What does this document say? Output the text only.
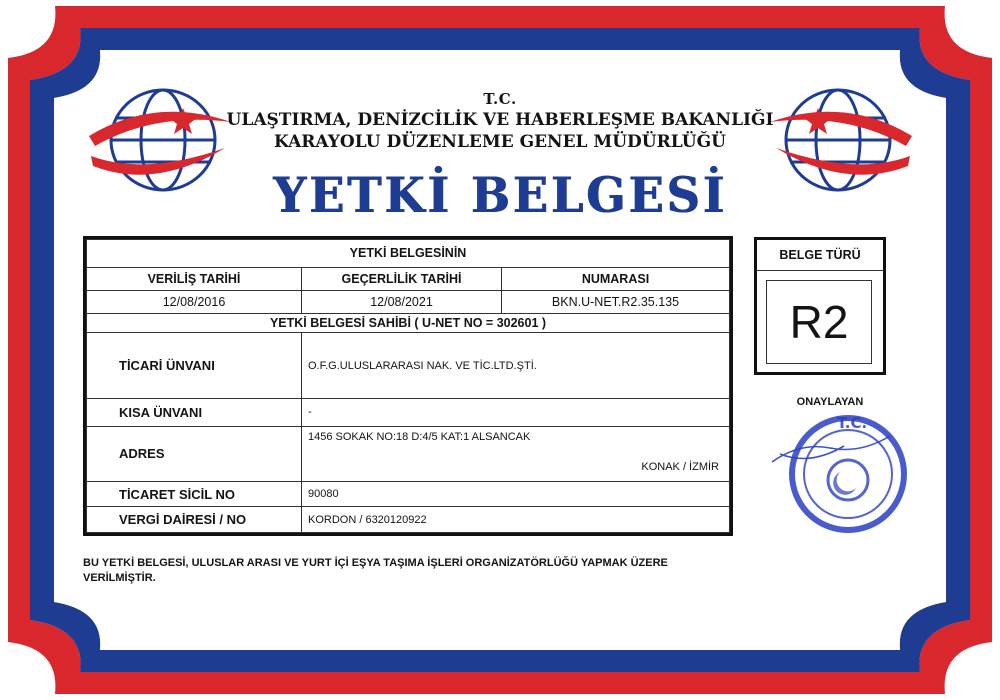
T.C.
ULAŞTIRMA, DENİZCİLİK VE HABERLEŞME BAKANLIĞI
KARAYOLU DÜZENLEME GENEL MÜDÜRLÜĞÜ
YETKİ BELGESİ
YETKİ BELGESİNİN		
VERİLİŞ TARİHİ	GEÇERLİLİK TARİHİ	NUMARASI
12/08/2016	12/08/2021	BKN.U-NET.R2.35.135
YETKİ BELGESİ SAHİBİ ( U-NET NO = 302601 )		
TİCARİ ÜNVANI	O.F.G.ULUSLARARASI NAK. VE TİC.LTD.ŞTİ.	
KISA ÜNVANI	-	
ADRES	1456 SOKAK NO:18 D:4/5 KAT:1 ALSANCAK
KONAK / İZMİR	

TİCARET SİCİL NO	90080	
VERGİ DAİRESİ / NO	KORDON / 6320120922	
BELGE TÜRÜ
R2
ONAYLAYAN
T.C.
BU YETKİ BELGESİ, ULUSLAR ARASI VE YURT İÇİ EŞYA TAŞIMA İŞLERİ ORGANİZATÖRLÜĞÜ YAPMAK ÜZERE
VERİLMİŞTİR.
